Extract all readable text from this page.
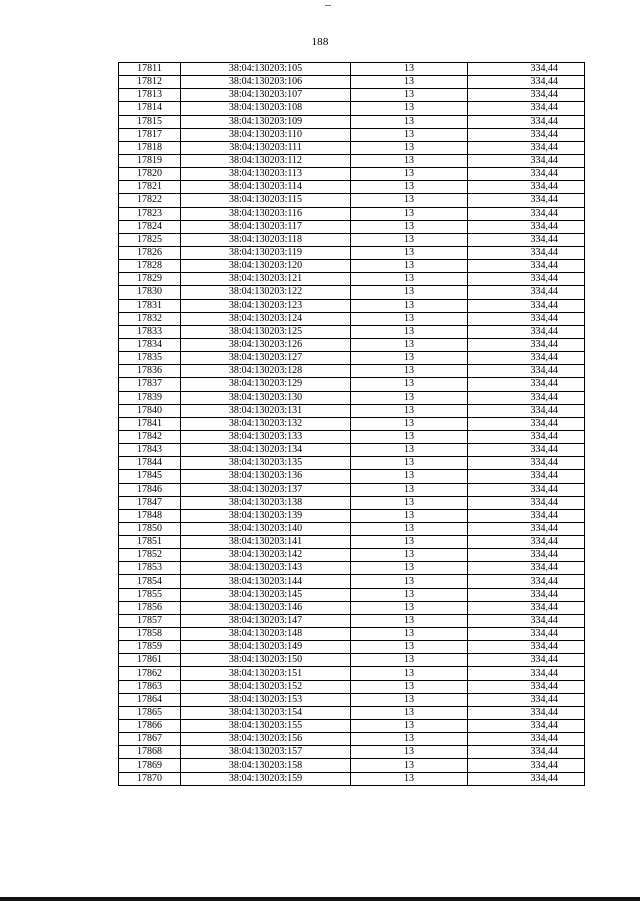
188
17811	38:04:130203:105	13	334,44
17812	38:04:130203:106	13	334,44
17813	38:04:130203:107	13	334,44
17814	38:04:130203:108	13	334,44
17815	38:04:130203:109	13	334,44
17817	38:04:130203:110	13	334,44
17818	38:04:130203:111	13	334,44
17819	38:04:130203:112	13	334,44
17820	38:04:130203:113	13	334,44
17821	38:04:130203:114	13	334,44
17822	38:04:130203:115	13	334,44
17823	38:04:130203:116	13	334,44
17824	38:04:130203:117	13	334,44
17825	38:04:130203:118	13	334,44
17826	38:04:130203:119	13	334,44
17828	38:04:130203:120	13	334,44
17829	38:04:130203:121	13	334,44
17830	38:04:130203:122	13	334,44
17831	38:04:130203:123	13	334,44
17832	38:04:130203:124	13	334,44
17833	38:04:130203:125	13	334,44
17834	38:04:130203:126	13	334,44
17835	38:04:130203:127	13	334,44
17836	38:04:130203:128	13	334,44
17837	38:04:130203:129	13	334,44
17839	38:04:130203:130	13	334,44
17840	38:04:130203:131	13	334,44
17841	38:04:130203:132	13	334,44
17842	38:04:130203:133	13	334,44
17843	38:04:130203:134	13	334,44
17844	38:04:130203:135	13	334,44
17845	38:04:130203:136	13	334,44
17846	38:04:130203:137	13	334,44
17847	38:04:130203:138	13	334,44
17848	38:04:130203:139	13	334,44
17850	38:04:130203:140	13	334,44
17851	38:04:130203:141	13	334,44
17852	38:04:130203:142	13	334,44
17853	38:04:130203:143	13	334,44
17854	38:04:130203:144	13	334,44
17855	38:04:130203:145	13	334,44
17856	38:04:130203:146	13	334,44
17857	38:04:130203:147	13	334,44
17858	38:04:130203:148	13	334,44
17859	38:04:130203:149	13	334,44
17861	38:04:130203:150	13	334,44
17862	38:04:130203:151	13	334,44
17863	38:04:130203:152	13	334,44
17864	38:04:130203:153	13	334,44
17865	38:04:130203:154	13	334,44
17866	38:04:130203:155	13	334,44
17867	38:04:130203:156	13	334,44
17868	38:04:130203:157	13	334,44
17869	38:04:130203:158	13	334,44
17870	38:04:130203:159	13	334,44
